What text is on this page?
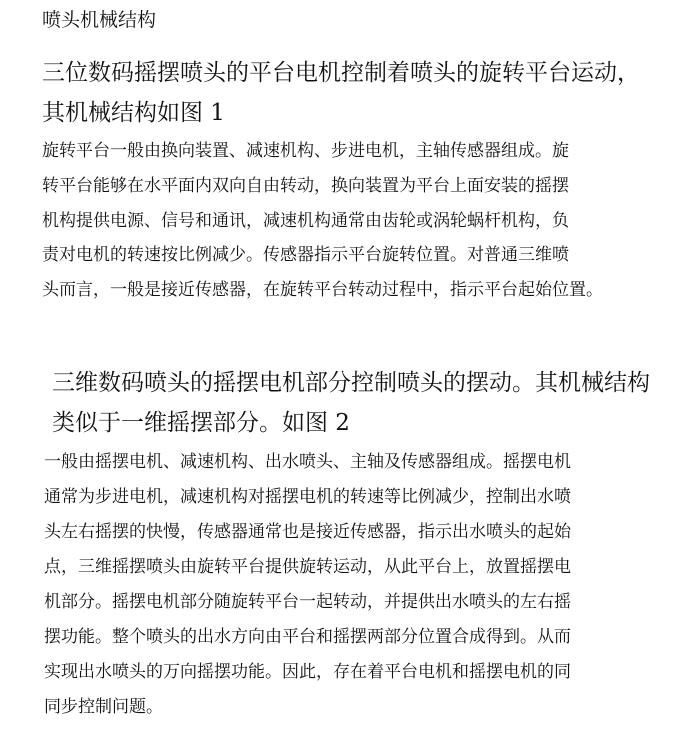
喷头机械结构
三位数码摇摆喷头的平台电机控制着喷头的旋转平台运动，
其机械结构如图 1
旋转平台一般由换向装置、减速机构、步进电机，主轴传感器组成。旋
转平台能够在水平面内双向自由转动，换向装置为平台上面安装的摇摆
机构提供电源、信号和通讯，减速机构通常由齿轮或涡轮蜗杆机构，负
责对电机的转速按比例减少。传感器指示平台旋转位置。对普通三维喷
头而言，一般是接近传感器，在旋转平台转动过程中，指示平台起始位置。
三维数码喷头的摇摆电机部分控制喷头的摆动。其机械结构
类似于一维摇摆部分。如图 2
一般由摇摆电机、减速机构、出水喷头、主轴及传感器组成。摇摆电机
通常为步进电机，减速机构对摇摆电机的转速等比例减少，控制出水喷
头左右摇摆的快慢，传感器通常也是接近传感器，指示出水喷头的起始
点，三维摇摆喷头由旋转平台提供旋转运动，从此平台上，放置摇摆电
机部分。摇摆电机部分随旋转平台一起转动，并提供出水喷头的左右摇
摆功能。整个喷头的出水方向由平台和摇摆两部分位置合成得到。从而
实现出水喷头的万向摇摆功能。因此，存在着平台电机和摇摆电机的同
同步控制问题。
